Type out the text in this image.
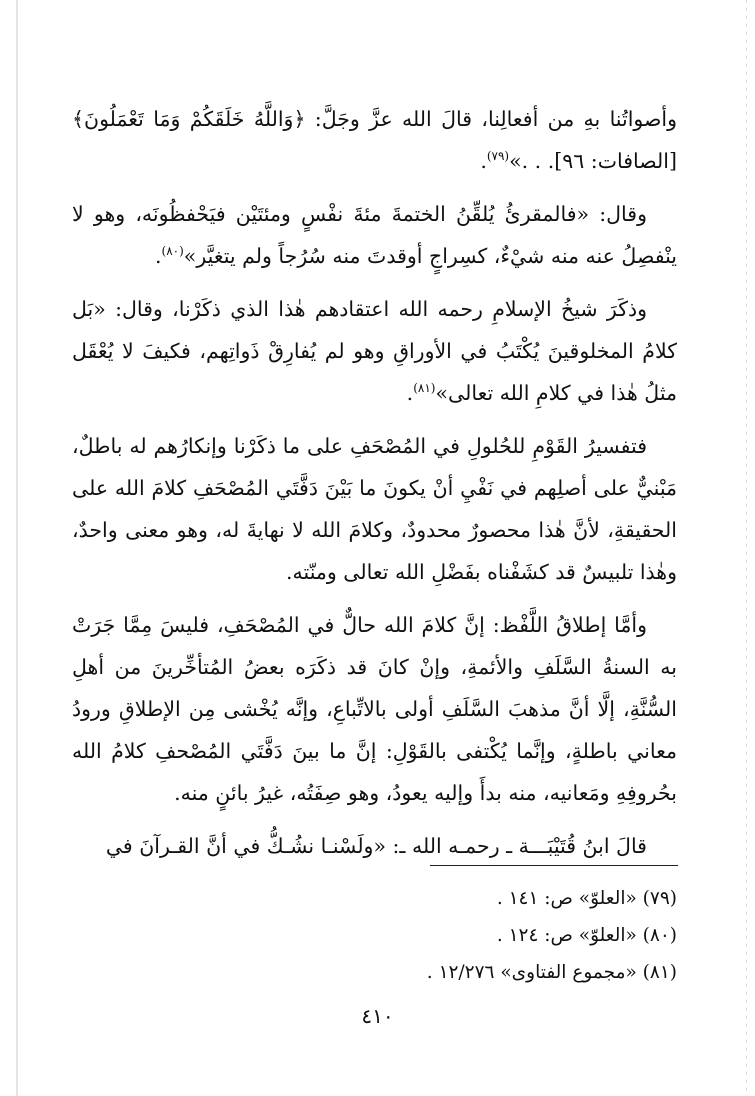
وأصواتُنا بهِ من أفعالِنا، قالَ الله عزَّ وجَلَّ: ﴿وَاللَّهُ خَلَقَكُمْ وَمَا تَعْمَلُونَ﴾ [الصافات: ٩٦]. . .»$^{(٧٩)}$.

وقال: «فالمقرئُ يُلقِّنُ الختمةَ مئةَ نفْسٍ ومئتَيْن فيَحْفظُونَه، وهو لا ينْفصِلُ عنه منه شيْءٌ، كسِراجٍ أوقدتَ منه سُرُجاً ولم يتغيَّر»$^{(٨٠)}$.

وذكَرَ شيخُ الإسلامِ رحمه الله اعتقادهم هٰذا الذي ذكَرْنا، وقال: «بَل كلامُ المخلوقينَ يُكْتَبُ في الأوراقِ وهو لم يُفارِقْ ذَواتِهم، فكيفَ لا يُعْقَل مثلُ هٰذا في كلامِ الله تعالى»$^{(٨١)}$.

فتفسيرُ القَوْمِ للحُلولِ في المُصْحَفِ على ما ذكَرْنا وإنكارُهم له باطلٌ، مَبْنيٌّ على أصلِهم في نَفْيِ أنْ يكونَ ما بَيْنَ دَفَّتَي المُصْحَفِ كلامَ الله على الحقيقةِ، لأنَّ هٰذا محصورٌ محدودٌ، وكلامَ الله لا نهايةَ له، وهو معنى واحدٌ، وهٰذا تلبيسٌ قد كشَفْناه بفَضْلِ الله تعالى ومنّته.

وأمَّا إطلاقُ اللَّفْظ: إنَّ كلامَ الله حالٌّ في المُصْحَفِ، فليسَ مِمَّا جَرَتْ به السنةُ السَّلَفِ والأئمةِ، وإنْ كانَ قد ذكَرَه بعضُ المُتأخِّرينَ من أهلِ السُّنَّةِ، إلَّا أنَّ مذهبَ السَّلَفِ أولى بالاتِّباعِ، وإنَّه يُخْشى مِن الإطلاقِ ورودُ معاني باطلةٍ، وإنَّما يُكْتفى بالقَوْلِ: إنَّ ما بينَ دَفَّتَي المُصْحفِ كلامُ الله بحُروفِهِ ومَعانيه، منه بدأَ وإليه يعودُ، وهو صِفَتُه، غيرُ بائنٍ منه.

قالَ ابنُ قُتَيْبَـــة ـ رحمـه الله ـ: «ولَسْنـا نشُـكُّ في أنَّ القـرآنَ في

(٧٩) «العلوّ» ص: ١٤١ .
(٨٠) «العلوّ» ص: ١٢٤ .
(٨١) «مجموع الفتاوى» ١٢/٢٧٦ .
٤١٠
